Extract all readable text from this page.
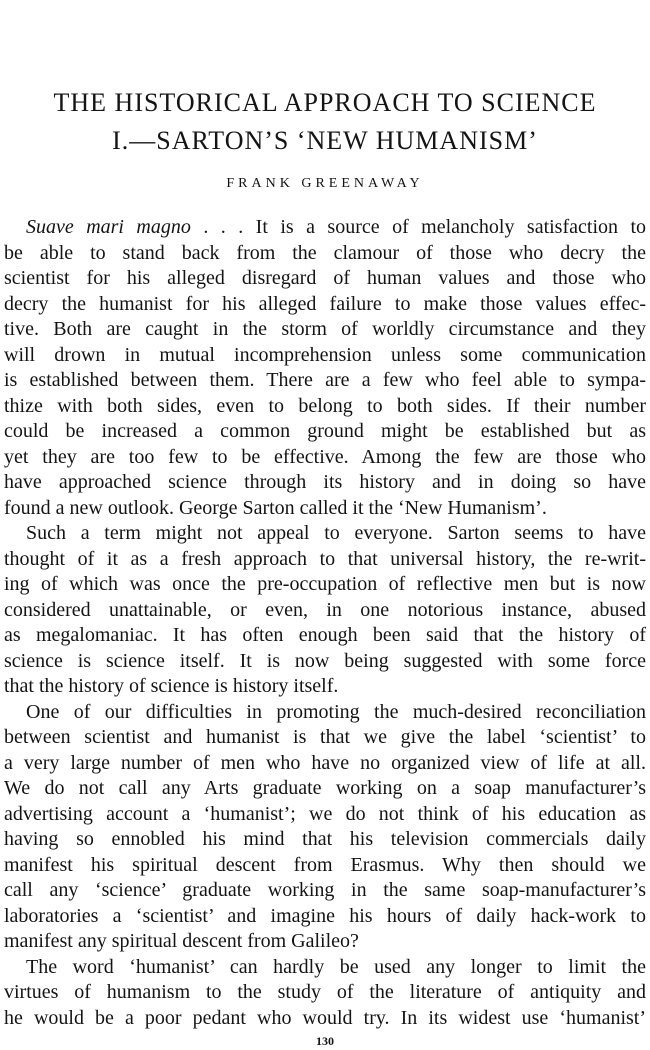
THE HISTORICAL APPROACH TO SCIENCE
I.—SARTON’S ‘NEW HUMANISM’
FRANK GREENAWAY
Suave mari magno . . . It is a source of melancholy satisfaction to
be able to stand back from the clamour of those who decry the
scientist for his alleged disregard of human values and those who
decry the humanist for his alleged failure to make those values effec-
tive. Both are caught in the storm of worldly circumstance and they
will drown in mutual incomprehension unless some communication
is established between them. There are a few who feel able to sympa-
thize with both sides, even to belong to both sides. If their number
could be increased a common ground might be established but as
yet they are too few to be effective. Among the few are those who
have approached science through its history and in doing so have
found a new outlook. George Sarton called it the ‘New Humanism’.
Such a term might not appeal to everyone. Sarton seems to have
thought of it as a fresh approach to that universal history, the re-writ-
ing of which was once the pre-occupation of reflective men but is now
considered unattainable, or even, in one notorious instance, abused
as megalomaniac. It has often enough been said that the history of
science is science itself. It is now being suggested with some force
that the history of science is history itself.
One of our difficulties in promoting the much-desired reconciliation
between scientist and humanist is that we give the label ‘scientist’ to
a very large number of men who have no organized view of life at all.
We do not call any Arts graduate working on a soap manufacturer’s
advertising account a ‘humanist’; we do not think of his education as
having so ennobled his mind that his television commercials daily
manifest his spiritual descent from Erasmus. Why then should we
call any ‘science’ graduate working in the same soap-manufacturer’s
laboratories a ‘scientist’ and imagine his hours of daily hack-work to
manifest any spiritual descent from Galileo?
The word ‘humanist’ can hardly be used any longer to limit the
virtues of humanism to the study of the literature of antiquity and
he would be a poor pedant who would try. In its widest use ‘humanist’
130
